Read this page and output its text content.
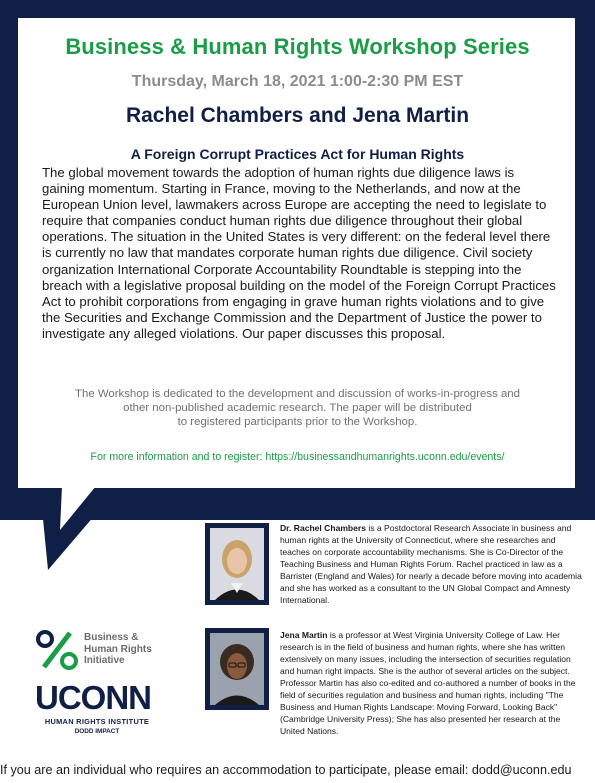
Business & Human Rights Workshop Series
Thursday, March 18, 2021 1:00-2:30 PM EST
Rachel Chambers and Jena Martin
A Foreign Corrupt Practices Act for Human Rights
The global movement towards the adoption of human rights due diligence laws is gaining momentum. Starting in France, moving to the Netherlands, and now at the European Union level, lawmakers across Europe are accepting the need to legislate to require that companies conduct human rights due diligence throughout their global operations. The situation in the United States is very different: on the federal level there is currently no law that mandates corporate human rights due diligence. Civil society organization International Corporate Accountability Roundtable is stepping into the breach with a legislative proposal building on the model of the Foreign Corrupt Practices Act to prohibit corporations from engaging in grave human rights violations and to give the Securities and Exchange Commission and the Department of Justice the power to investigate any alleged violations. Our paper discusses this proposal.
The Workshop is dedicated to the development and discussion of works-in-progress and
other non-published academic research. The paper will be distributed
to registered participants prior to the Workshop.
For more information and to register: https://businessandhumanrights.uconn.edu/events/
Dr. Rachel Chambers is a Postdoctoral Research Associate in business and human rights at the University of Connecticut, where she researches and teaches on corporate accountability mechanisms. She is Co-Director of the Teaching Business and Human Rights Forum. Rachel practiced in law as a Barrister (England and Wales) for nearly a decade before moving into academia and she has worked as a consultant to the UN Global Compact and Amnesty International.
Jena Martin is a professor at West Virginia University College of Law. Her research is in the field of business and human rights, where she has written extensively on many issues, including the intersection of securities regulation and human right impacts. She is the author of several articles on the subject. Professor Martin has also co-edited and co-authored a number of books in the field of securities regulation and business and human rights, including "The Business and Human Rights Landscape: Moving Forward, Looking Back" (Cambridge University Press); She has also presented her research at the United Nations.
Business &
Human Rights
Initiative
UCONN
HUMAN RIGHTS INSTITUTE
DODD IMPACT
If you are an individual who requires an accommodation to participate, please email: dodd@uconn.edu
